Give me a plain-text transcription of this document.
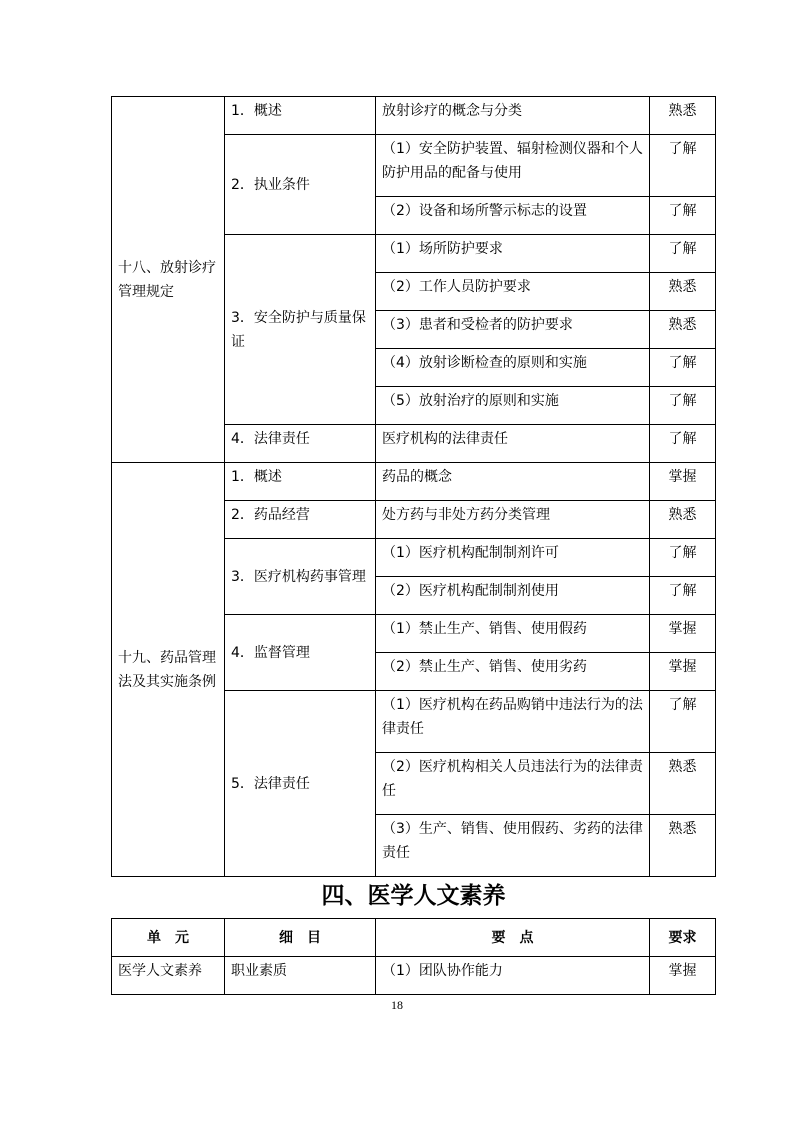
十八、放射诊疗管理规定	1．概述	放射诊疗的概念与分类	熟悉

	2．执业条件	（1）安全防护装置、辐射检测仪器和个人防护用品的配备与使用	了解

		（2）设备和场所警示标志的设置	了解

	3．安全防护与质量保证	（1）场所防护要求	了解

		（2）工作人员防护要求	熟悉

		（3）患者和受检者的防护要求	熟悉

		（4）放射诊断检查的原则和实施	了解

		（5）放射治疗的原则和实施	了解

	4．法律责任	医疗机构的法律责任	了解

十九、药品管理法及其实施条例	1．概述	药品的概念	掌握

	2．药品经营	处方药与非处方药分类管理	熟悉

	3．医疗机构药事管理	（1）医疗机构配制制剂许可	了解

		（2）医疗机构配制制剂使用	了解

	4．监督管理	（1）禁止生产、销售、使用假药	掌握

		（2）禁止生产、销售、使用劣药	掌握

	5．法律责任	（1）医疗机构在药品购销中违法行为的法律责任	了解

		（2）医疗机构相关人员违法行为的法律责任	熟悉

		（3）生产、销售、使用假药、劣药的法律责任	熟悉
四、医学人文素养
单　元	细　目	要　点	要求

医学人文素养	职业素质	（1）团队协作能力	掌握
18
